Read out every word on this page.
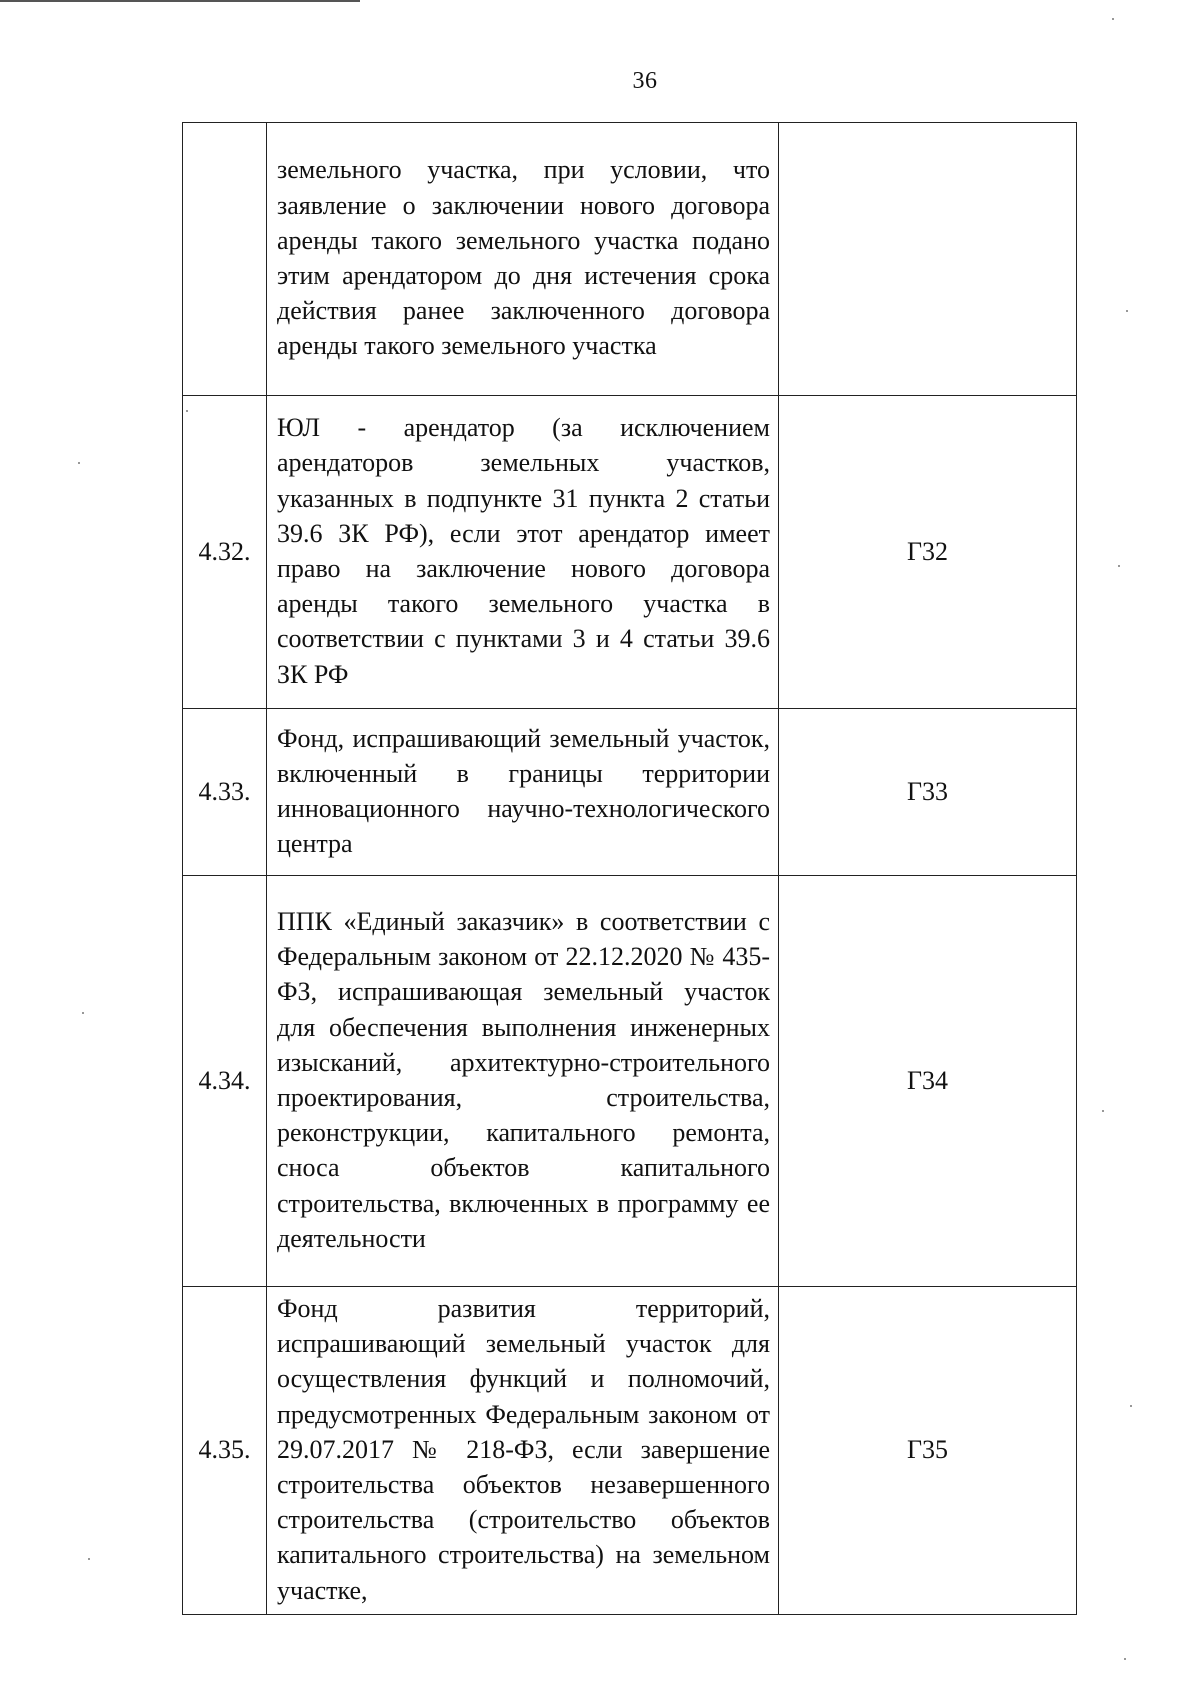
36
	земельного участка, при условии, что заявление о заключении нового договора аренды такого земельного участка подано этим арендатором до дня истечения срока действия ранее заключенного договора аренды такого земельного участка	
4.32.	ЮЛ - арендатор (за исключением арендаторов земельных участков, указанных в подпункте 31 пункта 2 статьи 39.6 ЗК РФ), если этот арендатор имеет право на заключение нового договора аренды такого земельного участка в соответствии с пунктами 3 и 4 статьи 39.6 ЗК РФ	Г32
4.33.	Фонд, испрашивающий земельный участок, включенный в границы территории инновационного научно-технологического центра	Г33
4.34.	ППК «Единый заказчик» в соответствии с Федеральным законом от 22.12.2020 № 435-ФЗ, испрашивающая земельный участок для обеспечения выполнения инженерных изысканий, архитектурно-строительного проектирования, строительства, реконструкции, капитального ремонта, сноса объектов капитального строительства, включенных в программу ее деятельности	Г34
4.35.	Фонд развития территорий, испрашивающий земельный участок для осуществления функций и полномочий, предусмотренных Федеральным законом от 29.07.2017 № 218-ФЗ, если завершение строительства объектов незавершенного строительства (строительство объектов капитального строительства) на земельном участке,	Г35
